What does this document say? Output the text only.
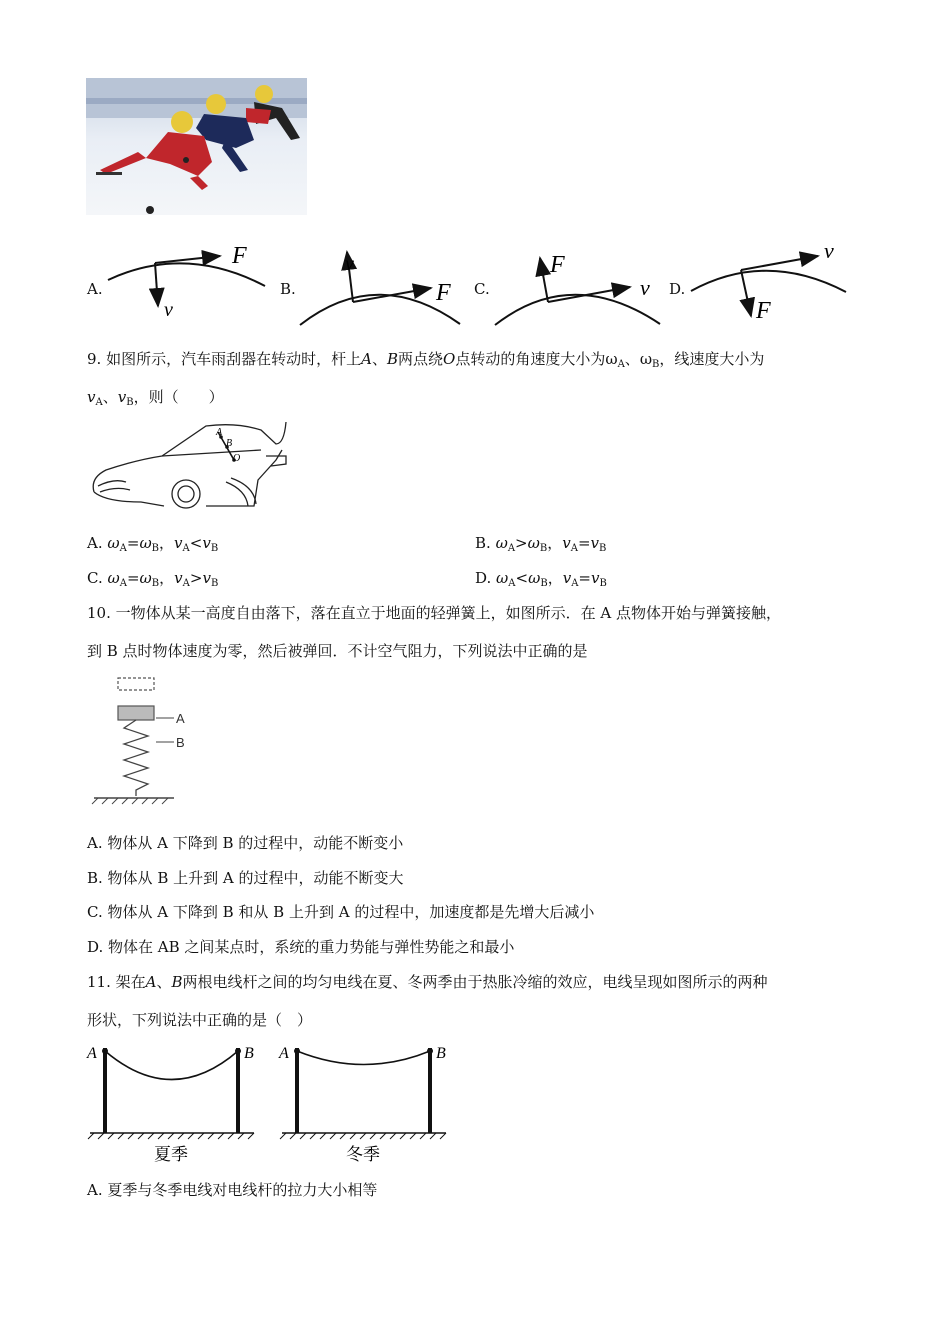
A.
F
v
B.	F
v
C.	v
F
D.
v
F
9. 如图所示，汽车雨刮器在转动时，杆上A、B两点绕O点转动的角速度大小为$\omega_A$、$\omega_B$，线速度大小为
$v_A$、$v_B$，则（　　）
A
B
O
A. $\omega_A=\omega_B$，$v_A<v_B$	B. $\omega_A>\omega_B$，$v_A=v_B$
C. $\omega_A=\omega_B$，$v_A>v_B$	D. $\omega_A<\omega_B$，$v_A=v_B$
10. 一物体从某一高度自由落下，落在直立于地面的轻弹簧上，如图所示．在 A 点物体开始与弹簧接触，
到 B 点时物体速度为零，然后被弹回．不计空气阻力，下列说法中正确的是
A
B
A. 物体从 A 下降到 B 的过程中，动能不断变小
B. 物体从 B 上升到 A 的过程中，动能不断变大
C. 物体从 A 下降到 B 和从 B 上升到 A 的过程中，加速度都是先增大后减小
D. 物体在 AB 之间某点时，系统的重力势能与弹性势能之和最小
11. 架在A、B两根电线杆之间的均匀电线在夏、冬两季由于热胀冷缩的效应，电线呈现如图所示的两种
形状，下列说法中正确的是（　）
A	B
夏季
A	B
冬季
A. 夏季与冬季电线对电线杆的拉力大小相等
